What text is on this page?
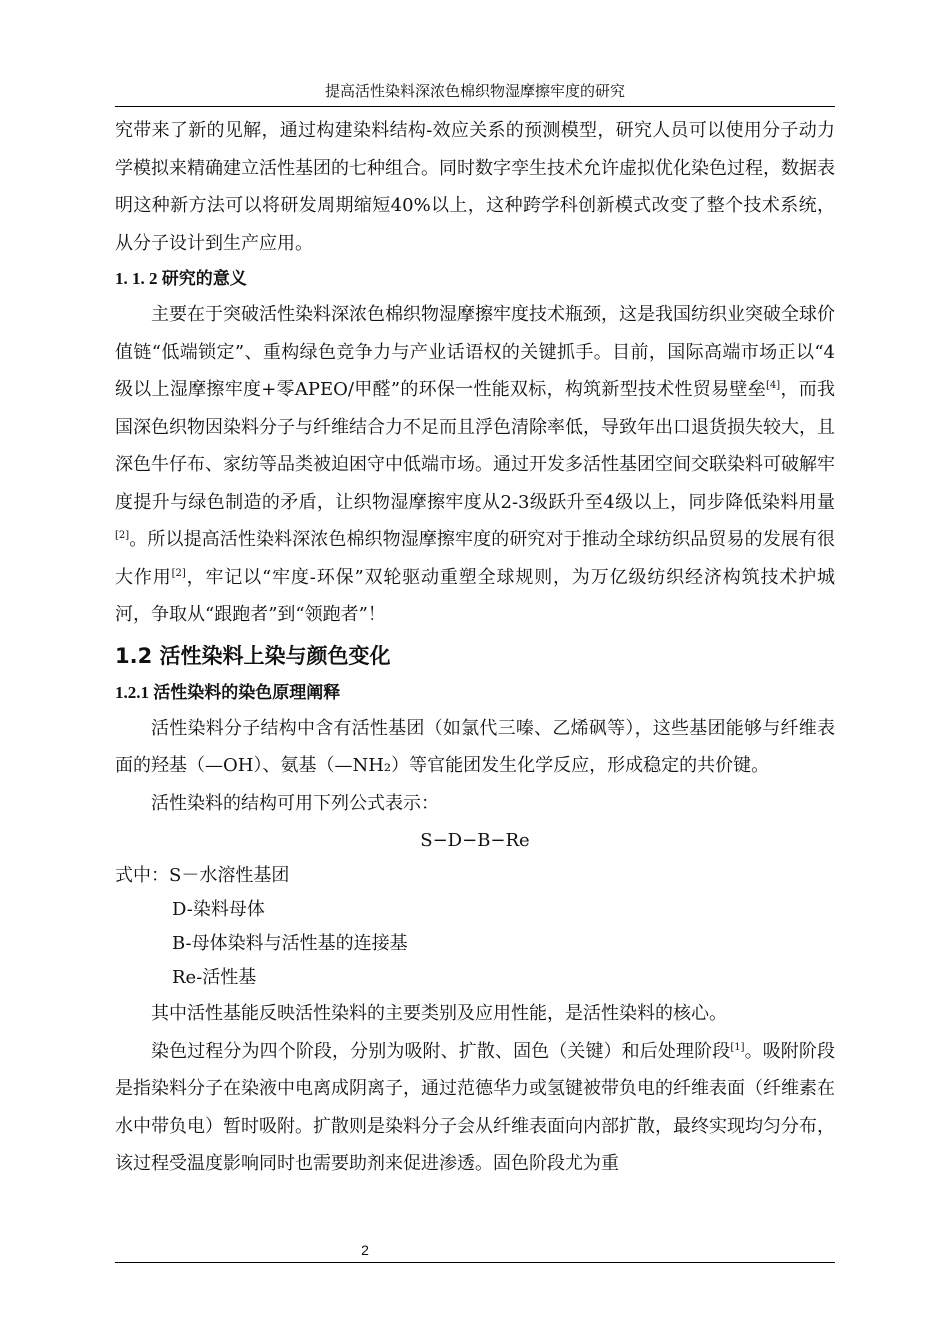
提高活性染料深浓色棉织物湿摩擦牢度的研究

究带来了新的见解，通过构建染料结构-效应关系的预测模型，研究人员可以使用分子动力学模拟来精确建立活性基团的七种组合。同时数字孪生技术允许虚拟优化染色过程，数据表明这种新方法可以将研发周期缩短40%以上，这种跨学科创新模式改变了整个技术系统，从分子设计到生产应用。

1. 1. 2 研究的意义

主要在于突破活性染料深浓色棉织物湿摩擦牢度技术瓶颈，这是我国纺织业突破全球价值链“低端锁定”、重构绿色竞争力与产业话语权的关键抓手。目前，国际高端市场正以“4级以上湿摩擦牢度+零APEO/甲醛”的环保一性能双标，构筑新型技术性贸易壁垒[4]，而我国深色织物因染料分子与纤维结合力不足而且浮色清除率低，导致年出口退货损失较大，且深色牛仔布、家纺等品类被迫困守中低端市场。通过开发多活性基团空间交联染料可破解牢度提升与绿色制造的矛盾，让织物湿摩擦牢度从2-3级跃升至4级以上，同步降低染料用量[2]。所以提高活性染料深浓色棉织物湿摩擦牢度的研究对于推动全球纺织品贸易的发展有很大作用[2]，牢记以“牢度-环保”双轮驱动重塑全球规则，为万亿级纺织经济构筑技术护城河，争取从“跟跑者”到“领跑者”！

1.2 活性染料上染与颜色变化
1.2.1 活性染料的染色原理阐释

活性染料分子结构中含有活性基团（如氯代三嗪、乙烯砜等），这些基团能够与纤维表面的羟基（—OH）、氨基（—NH₂）等官能团发生化学反应，形成稳定的共价键。

活性染料的结构可用下列公式表示：

S−D−B−Re

式中：S－水溶性基团

D-染料母体

B-母体染料与活性基的连接基

Re-活性基

其中活性基能反映活性染料的主要类别及应用性能，是活性染料的核心。

染色过程分为四个阶段，分别为吸附、扩散、固色（关键）和后处理阶段[1]。吸附阶段是指染料分子在染液中电离成阴离子，通过范德华力或氢键被带负电的纤维表面（纤维素在水中带负电）暂时吸附。扩散则是染料分子会从纤维表面向内部扩散，最终实现均匀分布，该过程受温度影响同时也需要助剂来促进渗透。固色阶段尤为重

2
